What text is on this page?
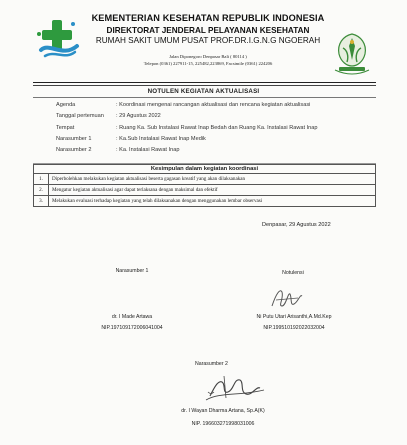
KEMENTERIAN KESEHATAN REPUBLIK INDONESIA
DIREKTORAT JENDERAL PELAYANAN KESEHATAN
RUMAH SAKIT UMUM PUSAT PROF.DR.I.G.N.G NGOERAH
Jalan Diponegoro Denpasar Bali ( 80114 )
Telepon (0361) 227911-15, 225482,223869, Facsimile (0361) 224206
NOTULEN KEGIATAN AKTUALISASI
Agenda	: Koordinasi mengenai rancangan aktualisasi dan rencana kegiatan aktualisasi
Tanggal pertemuan : 29 Agustus 2022
Tempat	: Ruang Ka. Sub Instalasi Rawat Inap Bedah dan Ruang Ka. Instalasi Rawat Inap
Narasumber 1	: Ka.Sub Instalasi Rawat Inap Medik
Narasumber 2	: Ka. Instalasi Rawat Inap
Kesimpulan dalam kegiatan koordinasi	
1.	Diperbolehkan melakukan kegiatan aktualisasi beserta gagasan kreatif yang akan dilaksanakan
2.	Mengatur kegiatan aktualisasi agar dapat terlaksana dengan maksimal dan efektif
3.	Melakukan evaluasi terhadap kegiatan yang telah dilaksanakan dengan menggunakan lembar observasi
Denpasar, 29 Agustus 2022
Narasumber 1
dr. I Made Artawa
NIP.197109172006041004
Notulensi
Ni Putu Utari Arisanthi,A.Md.Kep
NIP.199510192022032004
Narasumber 2
dr. I Wayan Dharma Artana, Sp.A(K)
NIP. 196603271998031006
